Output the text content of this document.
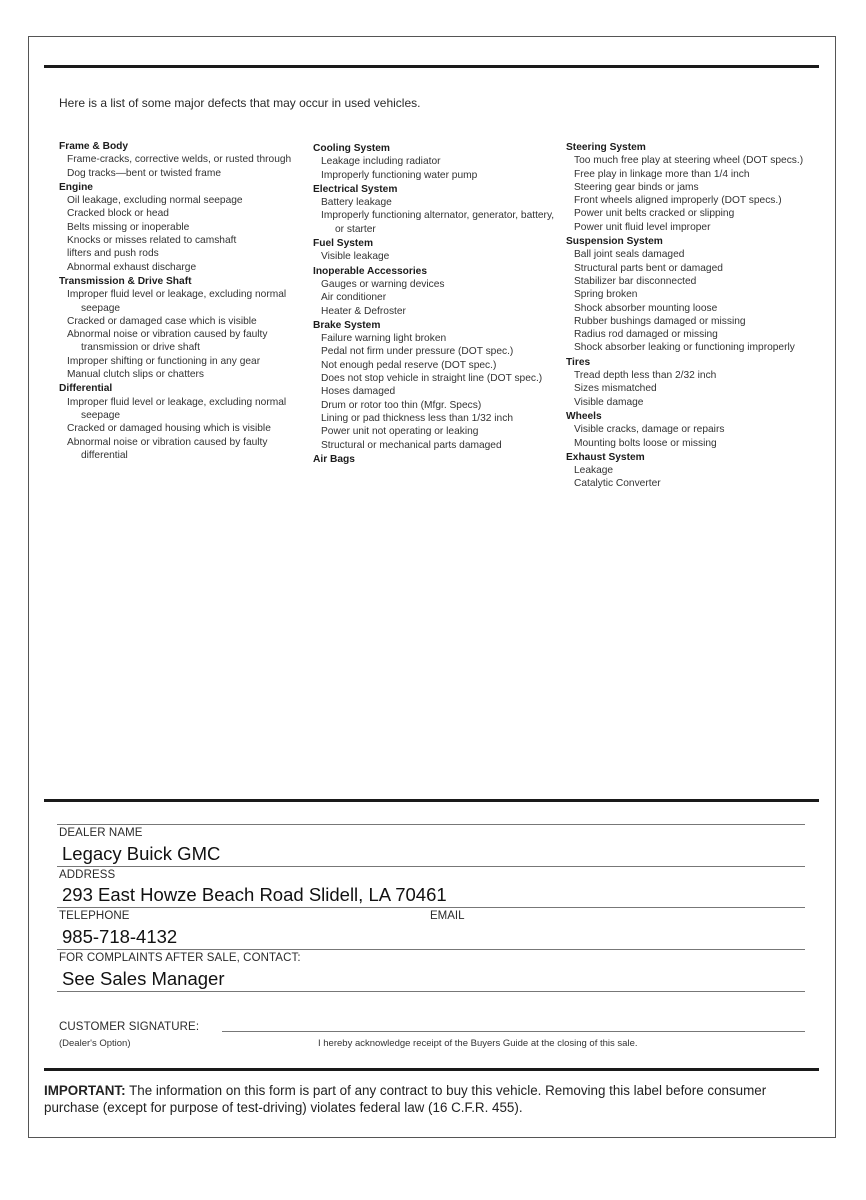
Here is a list of some major defects that may occur in used vehicles.
Frame & Body
Frame-cracks, corrective welds, or rusted through
Dog tracks—bent or twisted frame
Engine
Oil leakage, excluding normal seepage
Cracked block or head
Belts missing or inoperable
Knocks or misses related to camshaft
lifters and push rods
Abnormal exhaust discharge
Transmission & Drive Shaft
Improper fluid level or leakage, excluding normal seepage
Cracked or damaged case which is visible
Abnormal noise or vibration caused by faulty transmission or drive shaft
Improper shifting or functioning in any gear
Manual clutch slips or chatters
Differential
Improper fluid level or leakage, excluding normal seepage
Cracked or damaged housing which is visible
Abnormal noise or vibration caused by faulty differential
Cooling System
Leakage including radiator
Improperly functioning water pump
Electrical System
Battery leakage
Improperly functioning alternator, generator, battery, or starter
Fuel System
Visible leakage
Inoperable Accessories
Gauges or warning devices
Air conditioner
Heater & Defroster
Brake System
Failure warning light broken
Pedal not firm under pressure (DOT spec.)
Not enough pedal reserve (DOT spec.)
Does not stop vehicle in straight line (DOT spec.)
Hoses damaged
Drum or rotor too thin (Mfgr. Specs)
Lining or pad thickness less than 1/32 inch
Power unit not operating or leaking
Structural or mechanical parts damaged
Air Bags
Steering System
Too much free play at steering wheel (DOT specs.)
Free play in linkage more than 1/4 inch
Steering gear binds or jams
Front wheels aligned improperly (DOT specs.)
Power unit belts cracked or slipping
Power unit fluid level improper
Suspension System
Ball joint seals damaged
Structural parts bent or damaged
Stabilizer bar disconnected
Spring broken
Shock absorber mounting loose
Rubber bushings damaged or missing
Radius rod damaged or missing
Shock absorber leaking or functioning improperly
Tires
Tread depth less than 2/32 inch
Sizes mismatched
Visible damage
Wheels
Visible cracks, damage or repairs
Mounting bolts loose or missing
Exhaust System
Leakage
Catalytic Converter
DEALER NAME
Legacy Buick GMC
ADDRESS
293 East Howze Beach Road Slidell, LA 70461
TELEPHONE	EMAIL
985-718-4132
FOR COMPLAINTS AFTER SALE, CONTACT:
See Sales Manager
CUSTOMER SIGNATURE:
(Dealer's Option)	I hereby acknowledge receipt of the Buyers Guide at the closing of this sale.
IMPORTANT: The information on this form is part of any contract to buy this vehicle. Removing this label before consumer purchase (except for purpose of test-driving) violates federal law (16 C.F.R. 455).
